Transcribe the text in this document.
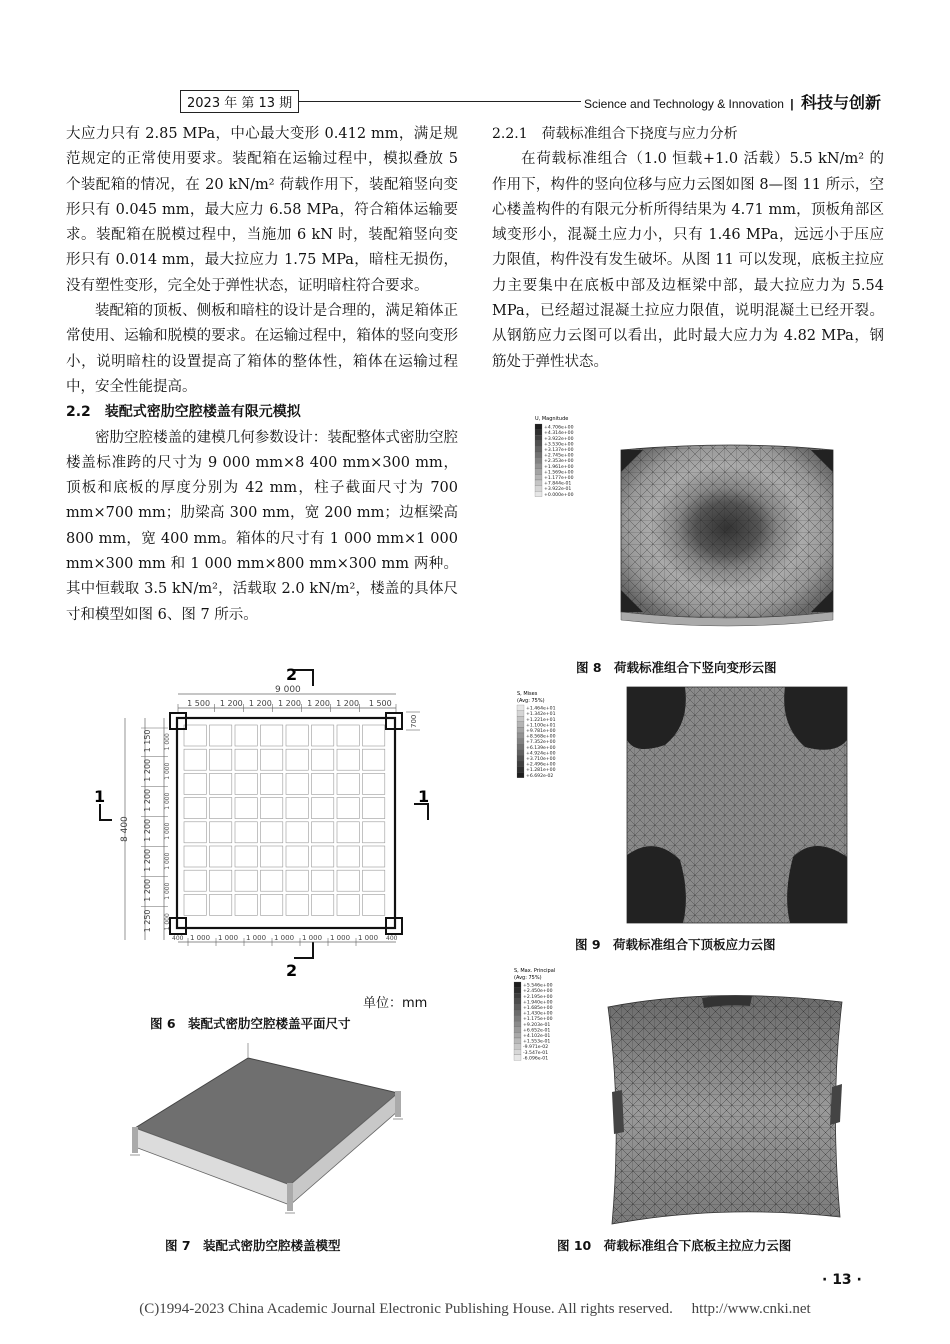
2023 年 第 13 期	Science and Technology & Innovation | 科技与创新

大应力只有 2.85 MPa，中心最大变形 0.412 mm，满足规范规定的正常使用要求。装配箱在运输过程中，模拟叠放 5 个装配箱的情况，在 20 kN/m² 荷载作用下，装配箱竖向变形只有 0.045 mm，最大应力 6.58 MPa，符合箱体运输要求。装配箱在脱模过程中，当施加 6 kN 时，装配箱竖向变形只有 0.014 mm，最大拉应力 1.75 MPa，暗柱无损伤，没有塑性变形，完全处于弹性状态，证明暗柱符合要求。

装配箱的顶板、侧板和暗柱的设计是合理的，满足箱体正常使用、运输和脱模的要求。在运输过程中，箱体的竖向变形小，说明暗柱的设置提高了箱体的整体性，箱体在运输过程中，安全性能提高。

2.2　装配式密肋空腔楼盖有限元模拟

密肋空腔楼盖的建模几何参数设计：装配整体式密肋空腔楼盖标准跨的尺寸为 9 000 mm×8 400 mm×300 mm，顶板和底板的厚度分别为 42 mm，柱子截面尺寸为 700 mm×700 mm；肋梁高 300 mm，宽 200 mm；边框梁高 800 mm，宽 400 mm。箱体的尺寸有 1 000 mm×1 000 mm×300 mm 和 1 000 mm×800 mm×300 mm 两种。其中恒载取 3.5 kN/m²，活载取 2.0 kN/m²，楼盖的具体尺寸和模型如图 6、图 7 所示。

2.2.1　荷载标准组合下挠度与应力分析

在荷载标准组合（1.0 恒载+1.0 活载）5.5 kN/m² 的作用下，构件的竖向位移与应力云图如图 8—图 11 所示，空心楼盖构件的有限元分析所得结果为 4.71 mm，顶板角部区域变形小，混凝土应力小，只有 1.46 MPa，远远小于压应力限值，构件没有发生破坏。从图 11 可以发现，底板主拉应力主要集中在底板中部及边框梁中部，最大拉应力为 5.54 MPa，已经超过混凝土拉应力限值，说明混凝土已经开裂。从钢筋应力云图可以看出，此时最大应力为 4.82 MPa，钢筋处于弹性状态。

2
2
1	1
9 000
1 500 1 200 1 200 1 200 1 200 1 200 1 500
8 400
1 150 1 000
1 200 1 000
1 200 1 000
1 200 1 000
1 200 1 000
1 200 1 000
1 250 1 000
700
1 000 1 000 1 000 1 000 1 000 1 000 1 000
400	400
单位：mm
图 6　装配式密肋空腔楼盖平面尺寸
图 7　装配式密肋空腔楼盖模型
+4.706e+00
+4.314e+00
+3.922e+00
+3.530e+00
+3.137e+00
+2.745e+00
+2.353e+00
+1.961e+00
+1.569e+00
+1.177e+00
+7.844e-01
+3.922e-01
+0.000e+00
U, Magnitude
图 8　荷载标准组合下竖向变形云图
+1.464e+01
+1.342e+01
+1.221e+01
+1.100e+01
+9.781e+00
+8.568e+00
+7.352e+00
+6.139e+00
+4.924e+00
+3.710e+00
+2.496e+00
+1.281e+00
+6.692e-02
S, Mises
(Avg: 75%)
图 9　荷载标准组合下顶板应力云图
+5.546e+00
+2.450e+00
+2.195e+00
+1.940e+00
+1.685e+00
+1.430e+00
+1.175e+00
+9.203e-01
+6.652e-01
+4.102e-01
+1.553e-01
-9.971e-02
-3.547e-01
-6.096e-01
S, Max. Principal
(Avg: 75%)
图 10　荷载标准组合下底板主拉应力云图
· 13 ·
(C)1994-2023 China Academic Journal Electronic Publishing House. All rights reserved.　 http://www.cnki.net
